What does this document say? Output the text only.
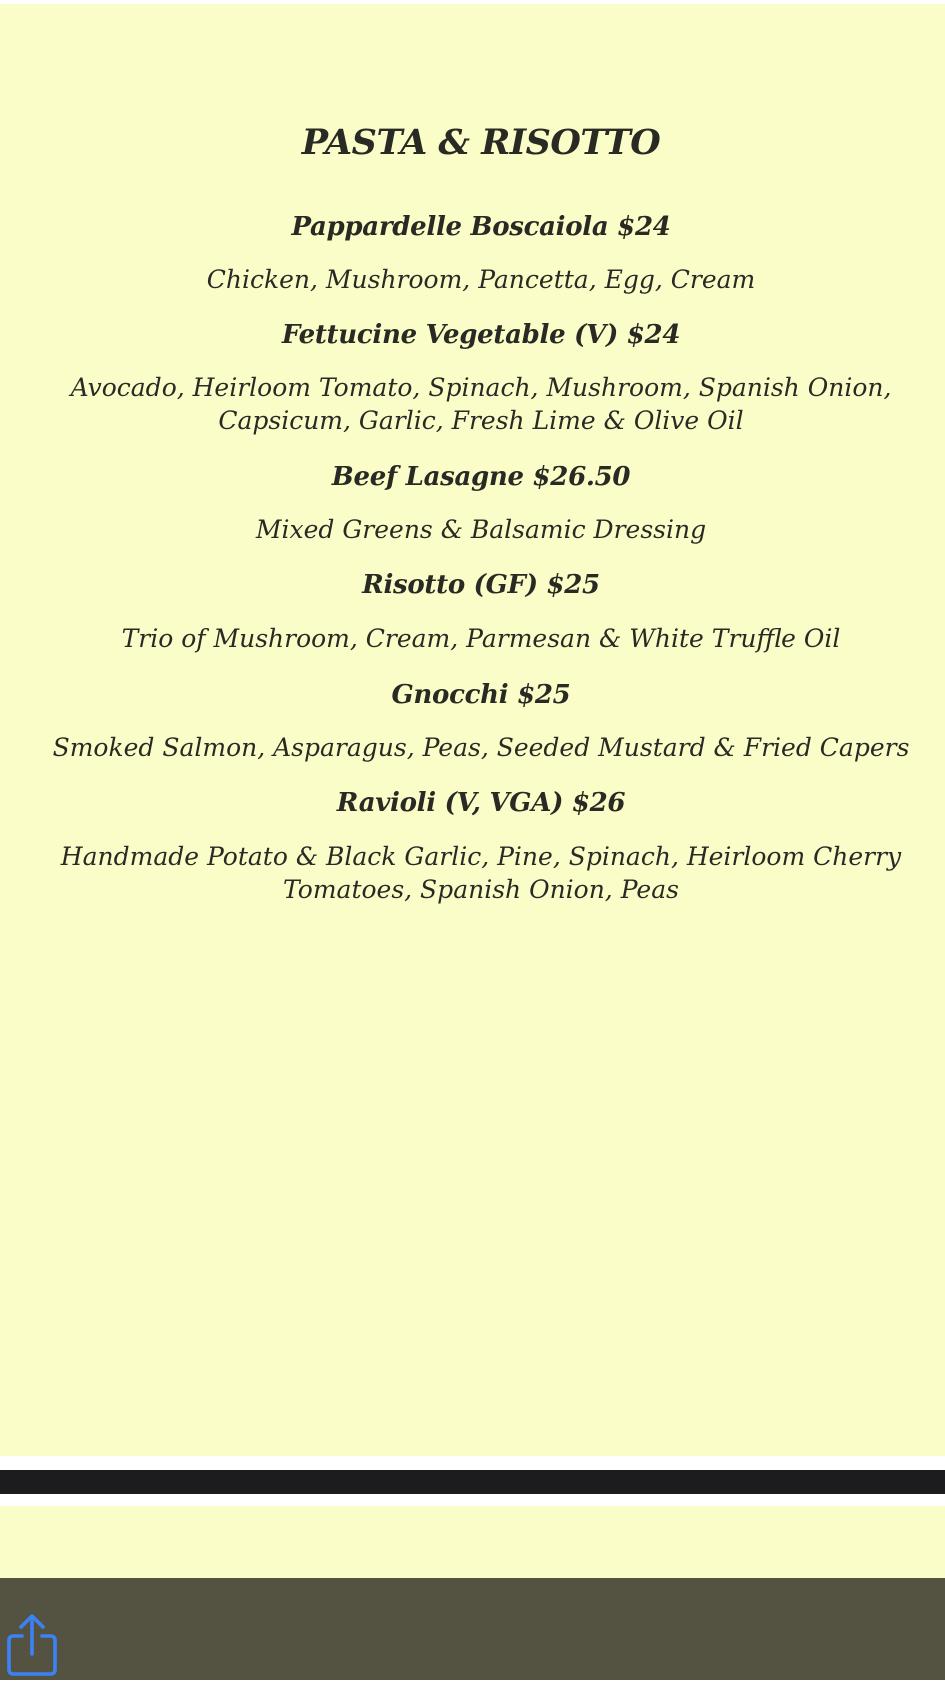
PASTA & RISOTTO

Pappardelle Boscaiola $24

Chicken, Mushroom, Pancetta, Egg, Cream

Fettucine Vegetable (V) $24

Avocado, Heirloom Tomato, Spinach, Mushroom, Spanish Onion, Capsicum, Garlic, Fresh Lime & Olive Oil

Beef Lasagne $26.50

Mixed Greens & Balsamic Dressing

Risotto (GF) $25

Trio of Mushroom, Cream, Parmesan & White Truffle Oil

Gnocchi $25

Smoked Salmon, Asparagus, Peas, Seeded Mustard & Fried Capers

Ravioli (V, VGA) $26

Handmade Potato & Black Garlic, Pine, Spinach, Heirloom Cherry Tomatoes, Spanish Onion, Peas
